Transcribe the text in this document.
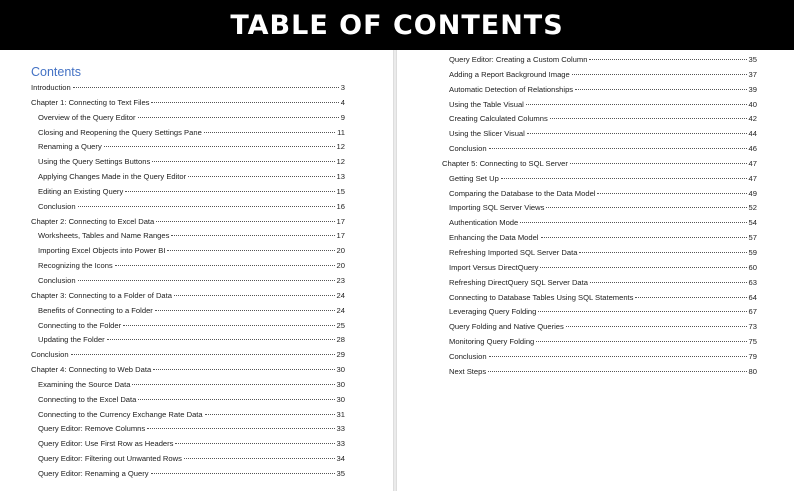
TABLE OF CONTENTS
Contents
Introduction	3
Chapter 1: Connecting to Text Files	4
Overview of the Query Editor	9
Closing and Reopening the Query Settings Pane	11
Renaming a Query	12
Using the Query Settings Buttons	12
Applying Changes Made in the Query Editor	13
Editing an Existing Query	15
Conclusion	16
Chapter 2: Connecting to Excel Data	17
Worksheets, Tables and Name Ranges	17
Importing Excel Objects into Power BI	20
Recognizing the Icons	20
Conclusion	23
Chapter 3: Connecting to a Folder of Data	24
Benefits of Connecting to a Folder	24
Connecting to the Folder	25
Updating the Folder	28
Conclusion	29
Chapter 4: Connecting to Web Data	30
Examining the Source Data	30
Connecting to the Excel Data	30
Connecting to the Currency Exchange Rate Data	31
Query Editor: Remove Columns	33
Query Editor: Use First Row as Headers	33
Query Editor: Filtering out Unwanted Rows	34
Query Editor: Renaming a Query	35
Query Editor: Creating a Custom Column	35
Adding a Report Background Image	37
Automatic Detection of Relationships	39
Using the Table Visual	40
Creating Calculated Columns	42
Using the Slicer Visual	44
Conclusion	46
Chapter 5: Connecting to SQL Server	47
Getting Set Up	47
Comparing the Database to the Data Model	49
Importing SQL Server Views	52
Authentication Mode	54
Enhancing the Data Model	57
Refreshing Imported SQL Server Data	59
Import Versus DirectQuery	60
Refreshing DirectQuery SQL Server Data	63
Connecting to Database Tables Using SQL Statements	64
Leveraging Query Folding	67
Query Folding and Native Queries	73
Monitoring Query Folding	75
Conclusion	79
Next Steps	80
